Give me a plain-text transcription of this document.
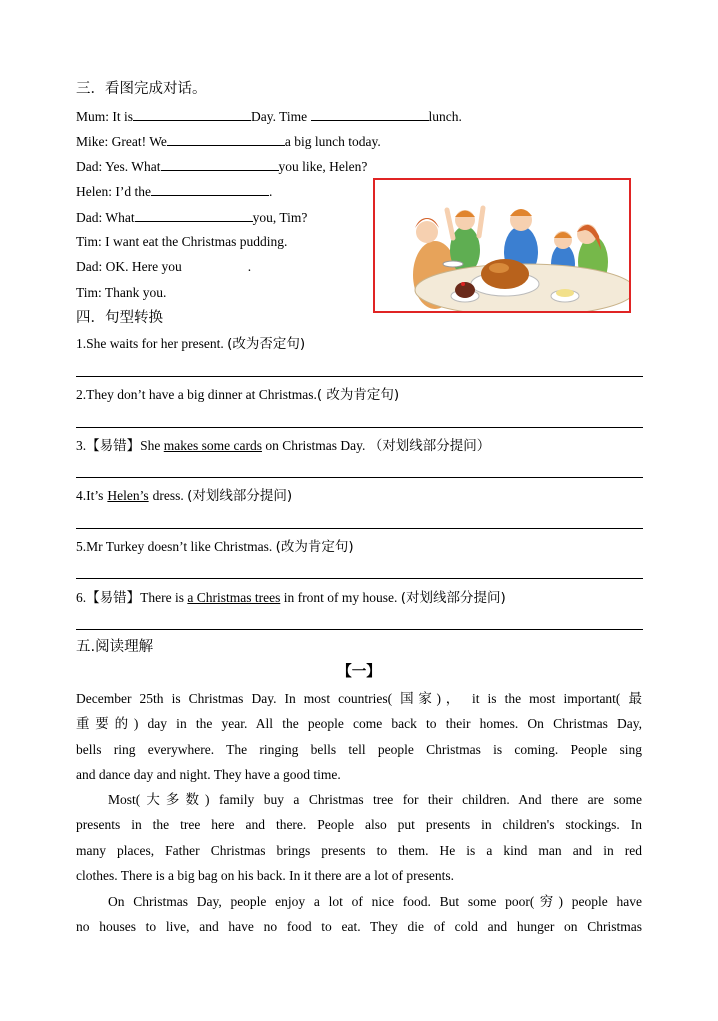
三．看图完成对话。
Mum: It is	Day. Time	lunch.
Mike: Great! We	a big lunch today.
Dad: Yes. What	you like, Helen?
Helen: I’d the	.
Dad: What	you, Tim?
Tim: I want eat the Christmas pudding.
Dad: OK. Here you	.
Tim: Thank you.
四．句型转换
1.She waits for her present. (改为否定句)
2.They don’t have a big dinner at Christmas.( 改为肯定句)
3.【易错】She makes some cards on Christmas Day. （对划线部分提问）
4.It’s Helen’s dress. (对划线部分提问)
5.Mr Turkey doesn’t like Christmas. (改为肯定句)
6.【易错】There is a Christmas trees in front of my house. (对划线部分提问)
五.阅读理解
【一】
December 25th is Christmas Day. In most countries( 国家)， it is the most important( 最
重要的) day in the year. All the people come back to their homes. On Christmas Day,
bells ring everywhere. The ringing bells tell people Christmas is coming. People sing
and dance day and night. They have a good time.
Most(大多数) family buy a Christmas tree for their children. And there are some
presents in the tree here and there. People also put presents in children's stockings. In
many places, Father Christmas brings presents to them. He is a kind man and in red
clothes. There is a big bag on his back. In it there are a lot of presents.
On Christmas Day, people enjoy a lot of nice food. But some poor(穷) people have
no houses to live, and have no food to eat. They die of cold and hunger on Christmas
